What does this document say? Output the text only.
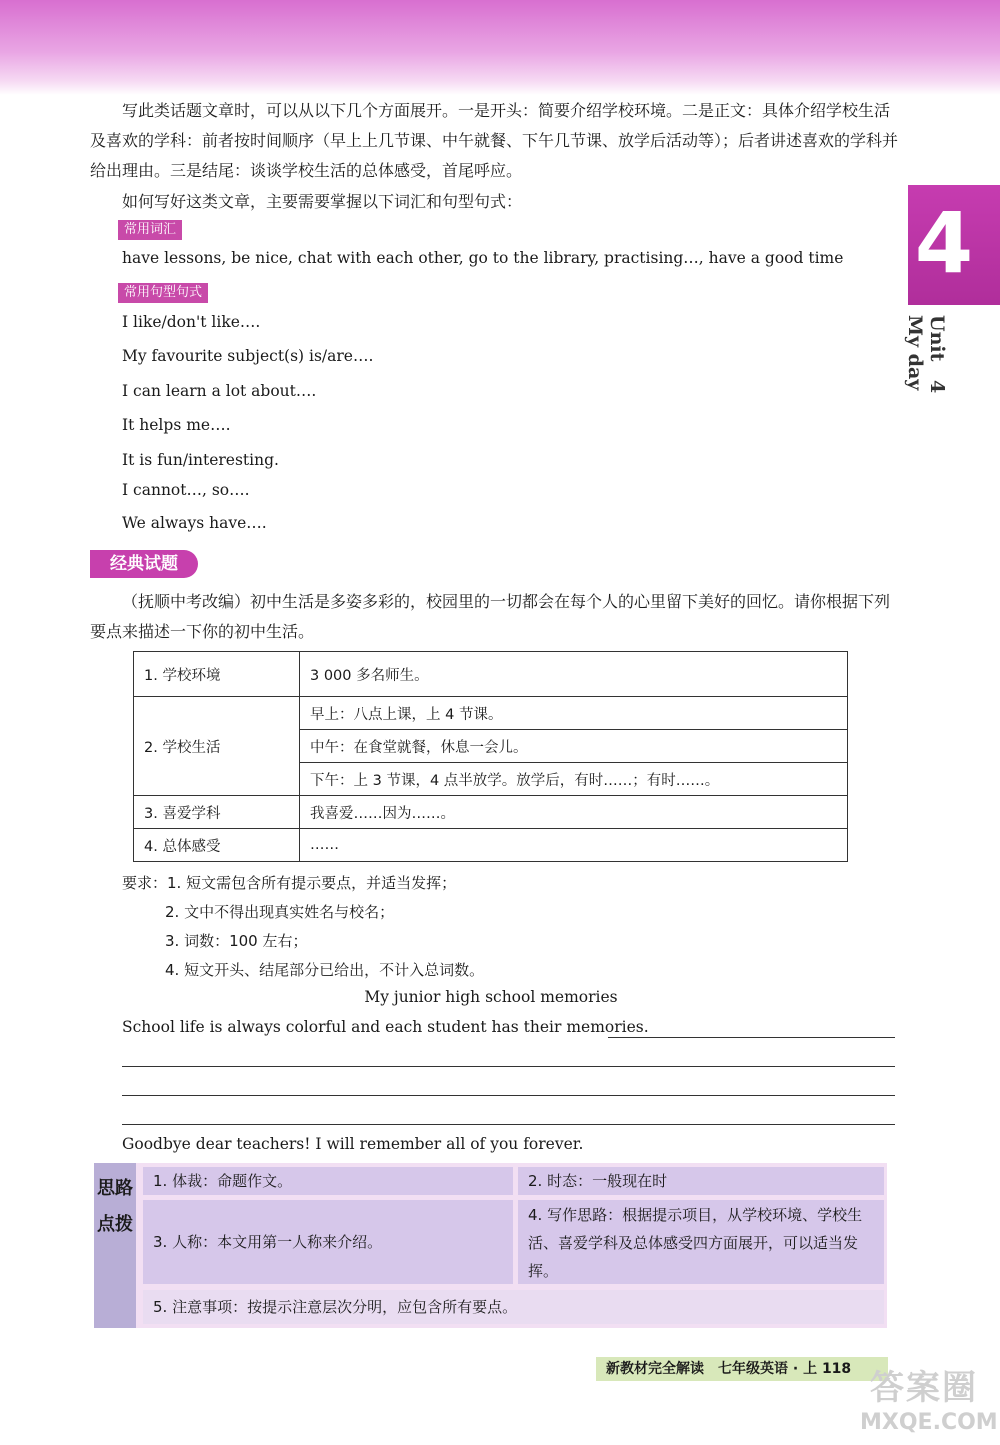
4
Unit 4 My day
写此类话题文章时，可以从以下几个方面展开。一是开头：简要介绍学校环境。二是正文：具体介绍学校生活及喜欢的学科：前者按时间顺序（早上上几节课、中午就餐、下午几节课、放学后活动等）；后者讲述喜欢的学科并给出理由。三是结尾：谈谈学校生活的总体感受，首尾呼应。
如何写好这类文章，主要需要掌握以下词汇和句型句式：
常用词汇
have lessons, be nice, chat with each other, go to the library, practising…, have a good time
常用句型句式
I like/don't like….
My favourite subject(s) is/are….
I can learn a lot about….
It helps me….
It is fun/interesting.
I cannot…, so….
We always have….
经典试题
（抚顺中考改编）初中生活是多姿多彩的，校园里的一切都会在每个人的心里留下美好的回忆。请你根据下列要点来描述一下你的初中生活。
1. 学校环境	3 000 多名师生。
2. 学校生活	早上：八点上课，上 4 节课。
	中午：在食堂就餐，休息一会儿。
	下午：上 3 节课，4 点半放学。放学后，有时……；有时……。
3. 喜爱学科	我喜爱……因为……。
4. 总体感受	……
要求：1. 短文需包含所有提示要点，并适当发挥；
2. 文中不得出现真实姓名与校名；
3. 词数：100 左右；
4. 短文开头、结尾部分已给出，不计入总词数。
My junior high school memories
School life is always colorful and each student has their memories.
Goodbye dear teachers! I will remember all of you forever.
思路点拨
1. 体裁：命题作文。	2. 时态：一般现在时
3. 人称：本文用第一人称来介绍。
4. 写作思路：根据提示项目，从学校环境、学校生活、喜爱学科及总体感受四方面展开，可以适当发挥。
5. 注意事项：按提示注意层次分明，应包含所有要点。
新教材完全解读　七年级英语 · 上 118 答案圈
MXQE.COM
